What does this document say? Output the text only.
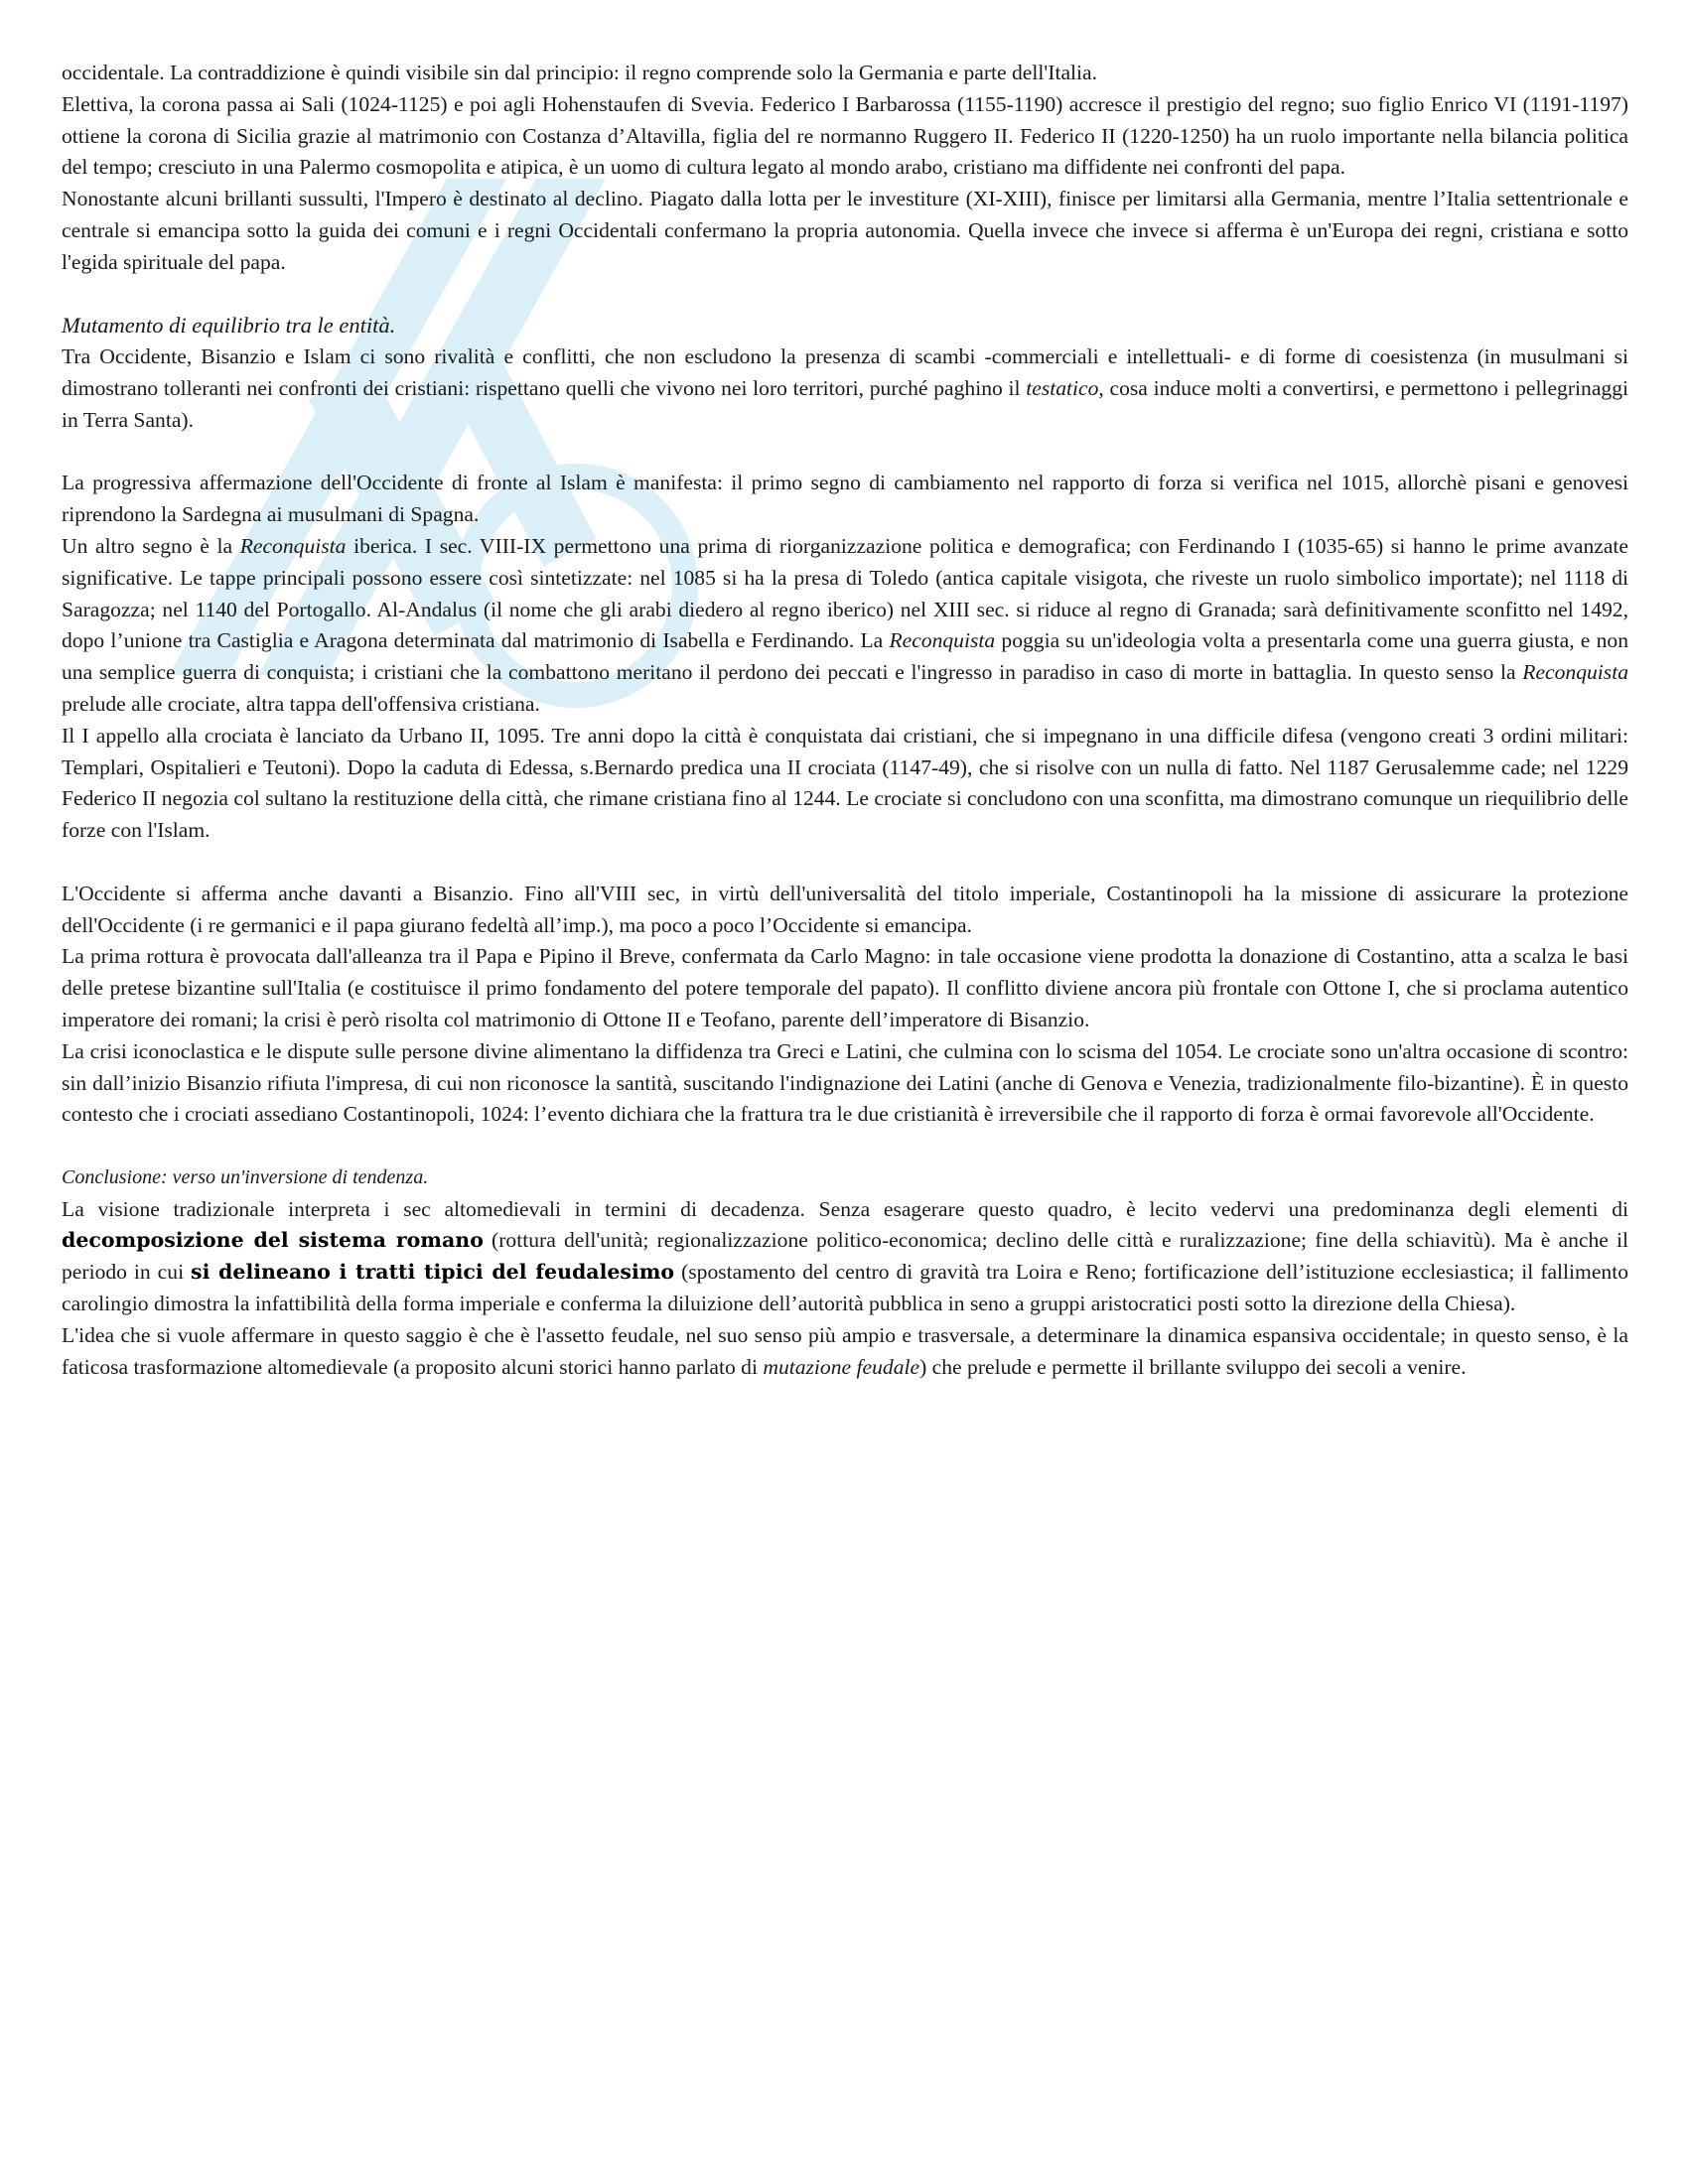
occidentale. La contraddizione è quindi visibile sin dal principio: il regno comprende solo la Germania e parte dell'Italia.

Elettiva, la corona passa ai Sali (1024-1125) e poi agli Hohenstaufen di Svevia. Federico I Barbarossa (1155-1190) accresce il prestigio del regno; suo figlio Enrico VI (1191-1197) ottiene la corona di Sicilia grazie al matrimonio con Costanza d’Altavilla, figlia del re normanno Ruggero II. Federico II (1220-1250) ha un ruolo importante nella bilancia politica del tempo; cresciuto in una Palermo cosmopolita e atipica, è un uomo di cultura legato al mondo arabo, cristiano ma diffidente nei confronti del papa.

Nonostante alcuni brillanti sussulti, l'Impero è destinato al declino. Piagato dalla lotta per le investiture (XI-XIII), finisce per limitarsi alla Germania, mentre l’Italia settentrionale e centrale si emancipa sotto la guida dei comuni e i regni Occidentali confermano la propria autonomia. Quella invece che invece si afferma è un'Europa dei regni, cristiana e sotto l'egida spirituale del papa.

Mutamento di equilibrio tra le entità.

Tra Occidente, Bisanzio e Islam ci sono rivalità e conflitti, che non escludono la presenza di scambi -commerciali e intellettuali- e di forme di coesistenza (in musulmani si dimostrano tolleranti nei confronti dei cristiani: rispettano quelli che vivono nei loro territori, purché paghino il testatico, cosa induce molti a convertirsi, e permettono i pellegrinaggi in Terra Santa).

La progressiva affermazione dell'Occidente di fronte al Islam è manifesta: il primo segno di cambiamento nel rapporto di forza si verifica nel 1015, allorchè pisani e genovesi riprendono la Sardegna ai musulmani di Spagna.

Un altro segno è la Reconquista iberica. I sec. VIII-IX permettono una prima di riorganizzazione politica e demografica; con Ferdinando I (1035-65) si hanno le prime avanzate significative. Le tappe principali possono essere così sintetizzate: nel 1085 si ha la presa di Toledo (antica capitale visigota, che riveste un ruolo simbolico importate); nel 1118 di Saragozza; nel 1140 del Portogallo. Al-Andalus (il nome che gli arabi diedero al regno iberico) nel XIII sec. si riduce al regno di Granada; sarà definitivamente sconfitto nel 1492, dopo l’unione tra Castiglia e Aragona determinata dal matrimonio di Isabella e Ferdinando. La Reconquista poggia su un'ideologia volta a presentarla come una guerra giusta, e non una semplice guerra di conquista; i cristiani che la combattono meritano il perdono dei peccati e l'ingresso in paradiso in caso di morte in battaglia. In questo senso la Reconquista prelude alle crociate, altra tappa dell'offensiva cristiana.

Il I appello alla crociata è lanciato da Urbano II, 1095. Tre anni dopo la città è conquistata dai cristiani, che si impegnano in una difficile difesa (vengono creati 3 ordini militari: Templari, Ospitalieri e Teutoni). Dopo la caduta di Edessa, s.Bernardo predica una II crociata (1147-49), che si risolve con un nulla di fatto. Nel 1187 Gerusalemme cade; nel 1229 Federico II negozia col sultano la restituzione della città, che rimane cristiana fino al 1244. Le crociate si concludono con una sconfitta, ma dimostrano comunque un riequilibrio delle forze con l'Islam.

L'Occidente si afferma anche davanti a Bisanzio. Fino all'VIII sec, in virtù dell'universalità del titolo imperiale, Costantinopoli ha la missione di assicurare la protezione dell'Occidente (i re germanici e il papa giurano fedeltà all’imp.), ma poco a poco l’Occidente si emancipa.

La prima rottura è provocata dall'alleanza tra il Papa e Pipino il Breve, confermata da Carlo Magno: in tale occasione viene prodotta la donazione di Costantino, atta a scalza le basi delle pretese bizantine sull'Italia (e costituisce il primo fondamento del potere temporale del papato). Il conflitto diviene ancora più frontale con Ottone I, che si proclama autentico imperatore dei romani; la crisi è però risolta col matrimonio di Ottone II e Teofano, parente dell’imperatore di Bisanzio.

La crisi iconoclastica e le dispute sulle persone divine alimentano la diffidenza tra Greci e Latini, che culmina con lo scisma del 1054. Le crociate sono un'altra occasione di scontro: sin dall’inizio Bisanzio rifiuta l'impresa, di cui non riconosce la santità, suscitando l'indignazione dei Latini (anche di Genova e Venezia, tradizionalmente filo-bizantine). È in questo contesto che i crociati assediano Costantinopoli, 1024: l’evento dichiara che la frattura tra le due cristianità è irreversibile che il rapporto di forza è ormai favorevole all'Occidente.

Conclusione: verso un'inversione di tendenza.

La visione tradizionale interpreta i sec altomedievali in termini di decadenza. Senza esagerare questo quadro, è lecito vedervi una predominanza degli elementi di decomposizione del sistema romano (rottura dell'unità; regionalizzazione politico-economica; declino delle città e ruralizzazione; fine della schiavitù). Ma è anche il periodo in cui si delineano i tratti tipici del feudalesimo (spostamento del centro di gravità tra Loira e Reno; fortificazione dell’istituzione ecclesiastica; il fallimento carolingio dimostra la infattibilità della forma imperiale e conferma la diluizione dell’autorità pubblica in seno a gruppi aristocratici posti sotto la direzione della Chiesa).

L'idea che si vuole affermare in questo saggio è che è l'assetto feudale, nel suo senso più ampio e trasversale, a determinare la dinamica espansiva occidentale; in questo senso, è la faticosa trasformazione altomedievale (a proposito alcuni storici hanno parlato di mutazione feudale) che prelude e permette il brillante sviluppo dei secoli a venire.
